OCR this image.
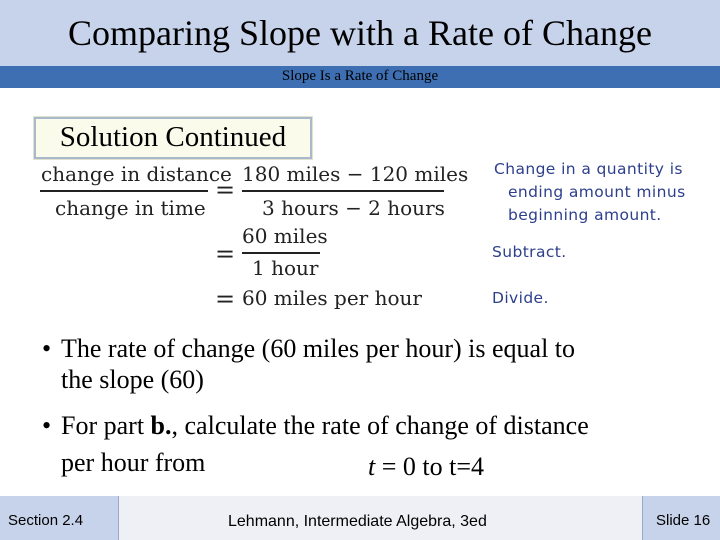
Comparing Slope with a Rate of Change
Slope Is a Rate of Change
Solution Continued
change in distance
change in time
=
180 miles − 120 miles
3 hours − 2 hours
=
60 miles
1 hour
= 60 miles per hour
Change in a quantity is
ending amount minus
beginning amount.
Subtract.
Divide.
• The rate of change (60 miles per hour) is equal to
the slope (60)
• For part b., calculate the rate of change of distance
per hour from	t = 0 to t=4
Section 2.4	Lehmann, Intermediate Algebra, 3ed	Slide 16
